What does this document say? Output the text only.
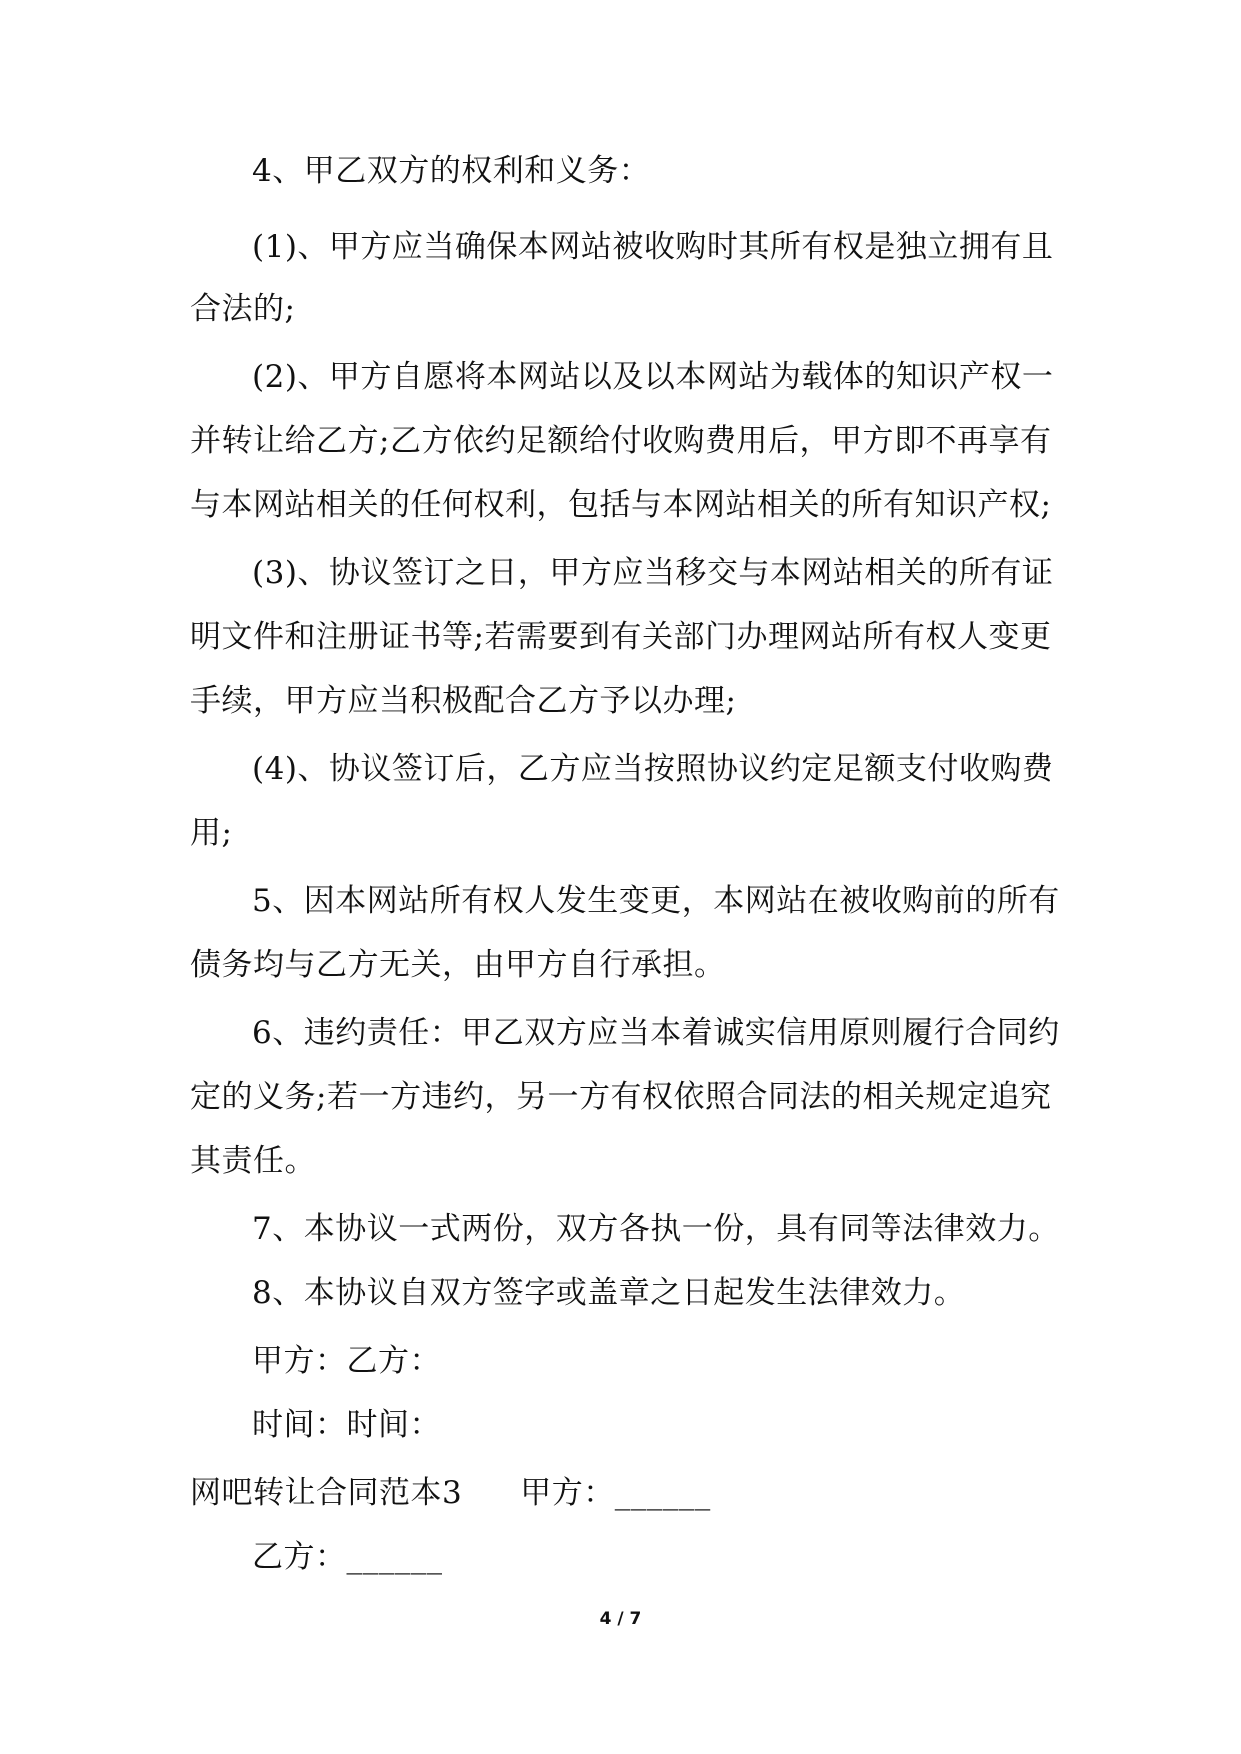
4、甲乙双方的权利和义务：
(1)、甲方应当确保本网站被收购时其所有权是独立拥有且
合法的;
(2)、甲方自愿将本网站以及以本网站为载体的知识产权一
并转让给乙方;乙方依约足额给付收购费用后，甲方即不再享有
与本网站相关的任何权利，包括与本网站相关的所有知识产权;
(3)、协议签订之日，甲方应当移交与本网站相关的所有证
明文件和注册证书等;若需要到有关部门办理网站所有权人变更
手续，甲方应当积极配合乙方予以办理;
(4)、协议签订后，乙方应当按照协议约定足额支付收购费
用;
5、因本网站所有权人发生变更，本网站在被收购前的所有
债务均与乙方无关，由甲方自行承担。
6、违约责任：甲乙双方应当本着诚实信用原则履行合同约
定的义务;若一方违约，另一方有权依照合同法的相关规定追究
其责任。
7、本协议一式两份，双方各执一份，具有同等法律效力。
8、本协议自双方签字或盖章之日起发生法律效力。
甲方：乙方：
时间：时间：
网吧转让合同范本3 甲方：______
乙方：______
4 / 7
